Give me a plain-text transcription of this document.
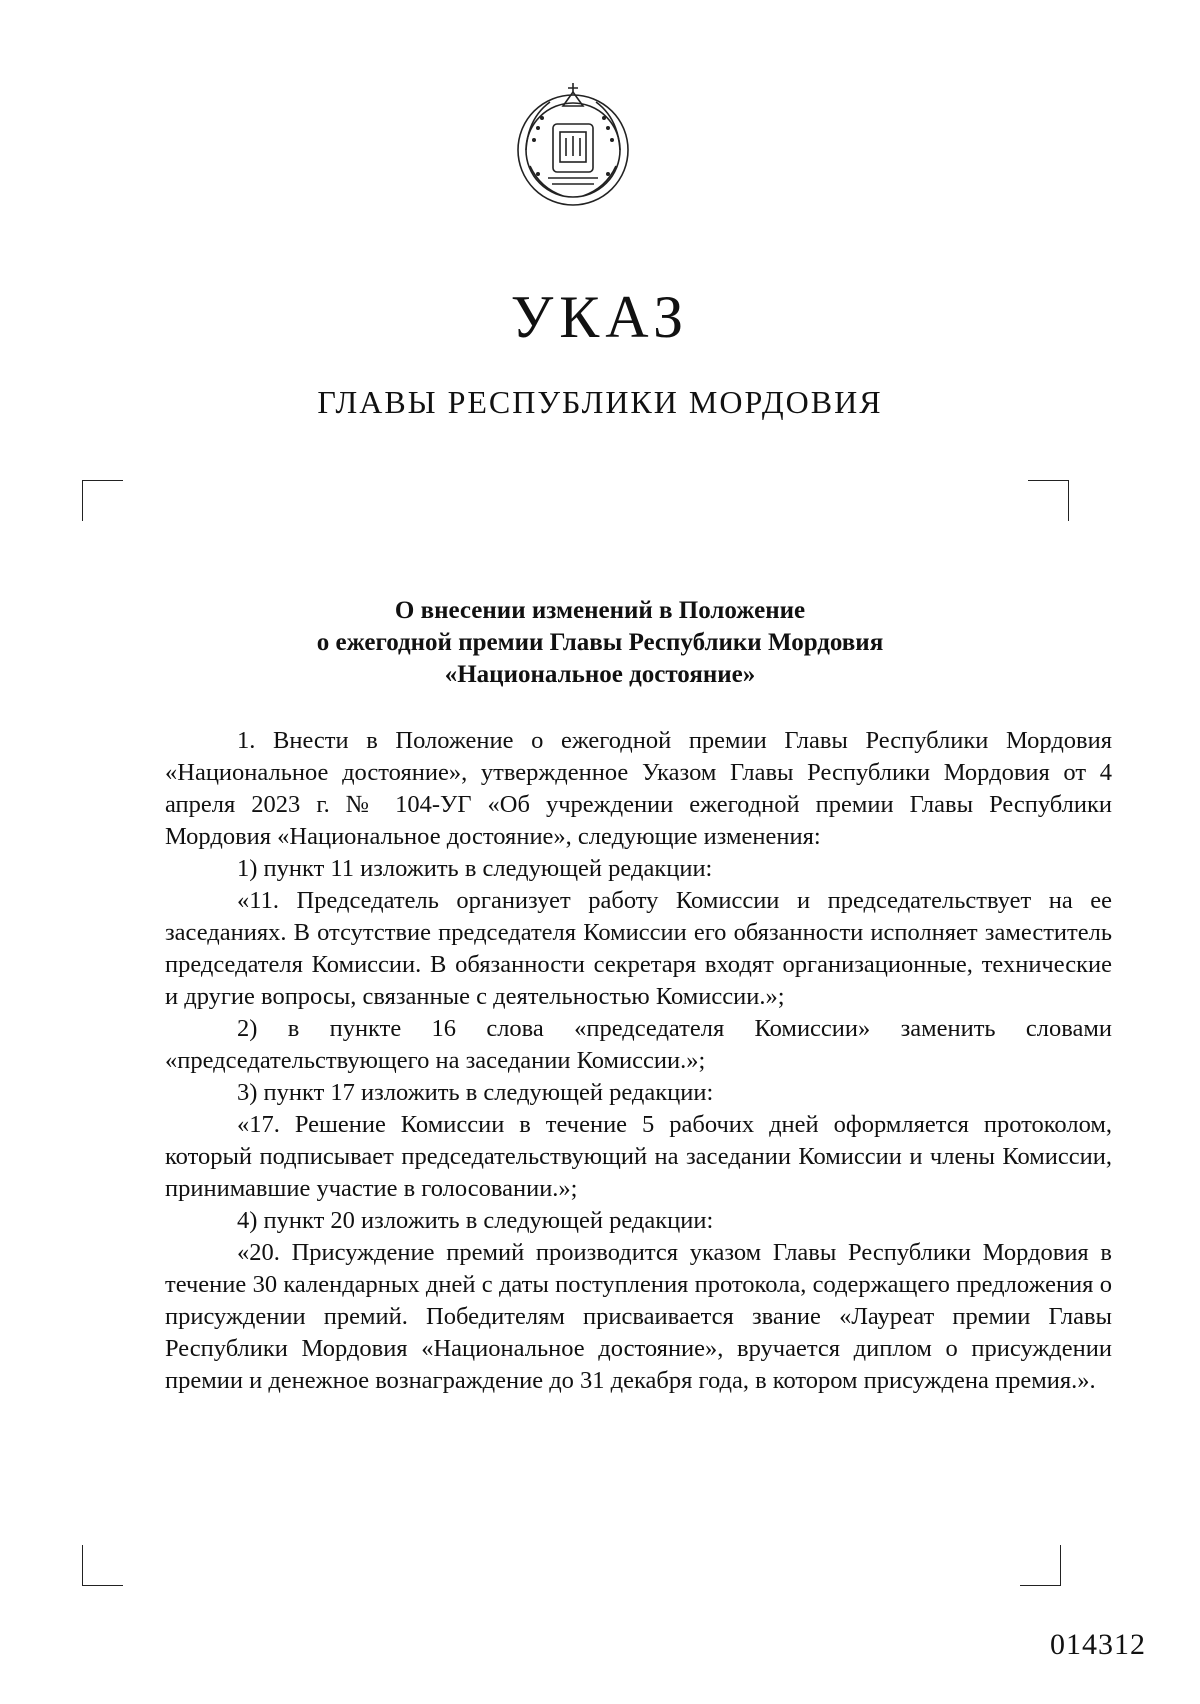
УКАЗ
ГЛАВЫ РЕСПУБЛИКИ МОРДОВИЯ
О внесении изменений в Положение
о ежегодной премии Главы Республики Мордовия
«Национальное достояние»

1. Внести в Положение о ежегодной премии Главы Республики Мордовия «Национальное достояние», утвержденное Указом Главы Республики Мордовия от 4 апреля 2023 г. № 104-УГ «Об учреждении ежегодной премии Главы Республики Мордовия «Национальное достояние», следующие изменения:

1) пункт 11 изложить в следующей редакции:

«11. Председатель организует работу Комиссии и председательствует на ее заседаниях. В отсутствие председателя Комиссии его обязанности исполняет заместитель председателя Комиссии. В обязанности секретаря входят организационные, технические и другие вопросы, связанные с деятельностью Комиссии.»;

2) в пункте 16 слова «председателя Комиссии» заменить словами «председательствующего на заседании Комиссии.»;

3) пункт 17 изложить в следующей редакции:

«17. Решение Комиссии в течение 5 рабочих дней оформляется протоколом, который подписывает председательствующий на заседании Комиссии и члены Комиссии, принимавшие участие в голосовании.»;

4) пункт 20 изложить в следующей редакции:

«20. Присуждение премий производится указом Главы Республики Мордовия в течение 30 календарных дней с даты поступления протокола, содержащего предложения о присуждении премий. Победителям присваивается звание «Лауреат премии Главы Республики Мордовия «Национальное достояние», вручается диплом о присуждении премии и денежное вознаграждение до 31 декабря года, в котором присуждена премия.».

014312
